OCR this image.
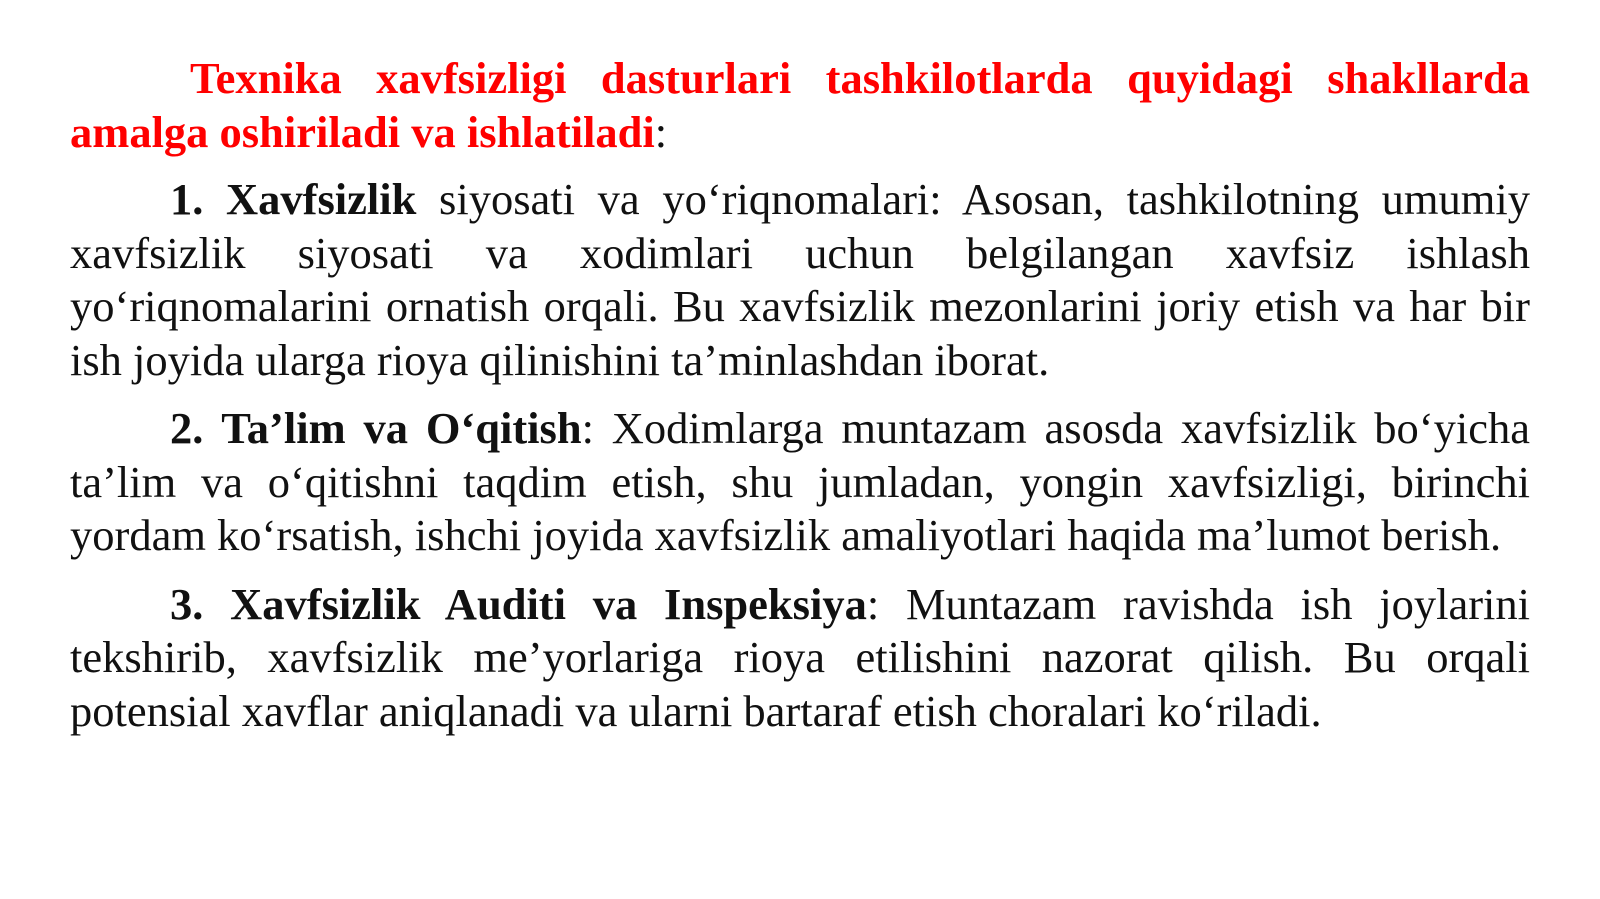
Texnika xavfsizligi dasturlari tashkilotlarda quyidagi shakllarda amalga oshiriladi va ishlatiladi:

1. Xavfsizlik siyosati va yo‘riqnomalari: Asosan, tashkilotning umumiy xavfsizlik siyosati va xodimlari uchun belgilangan xavfsiz ishlash yo‘riqnomalarini ornatish orqali. Bu xavfsizlik mezonlarini joriy etish va har bir ish joyida ularga rioya qilinishini ta’minlashdan iborat.

2. Ta’lim va O‘qitish: Xodimlarga muntazam asosda xavfsizlik bo‘yicha ta’lim va o‘qitishni taqdim etish, shu jumladan, yongin xavfsizligi, birinchi yordam ko‘rsatish, ishchi joyida xavfsizlik amaliyotlari haqida ma’lumot berish.

3. Xavfsizlik Auditi va Inspeksiya: Muntazam ravishda ish joylarini tekshirib, xavfsizlik me’yorlariga rioya etilishini nazorat qilish. Bu orqali potensial xavflar aniqlanadi va ularni bartaraf etish choralari ko‘riladi.
